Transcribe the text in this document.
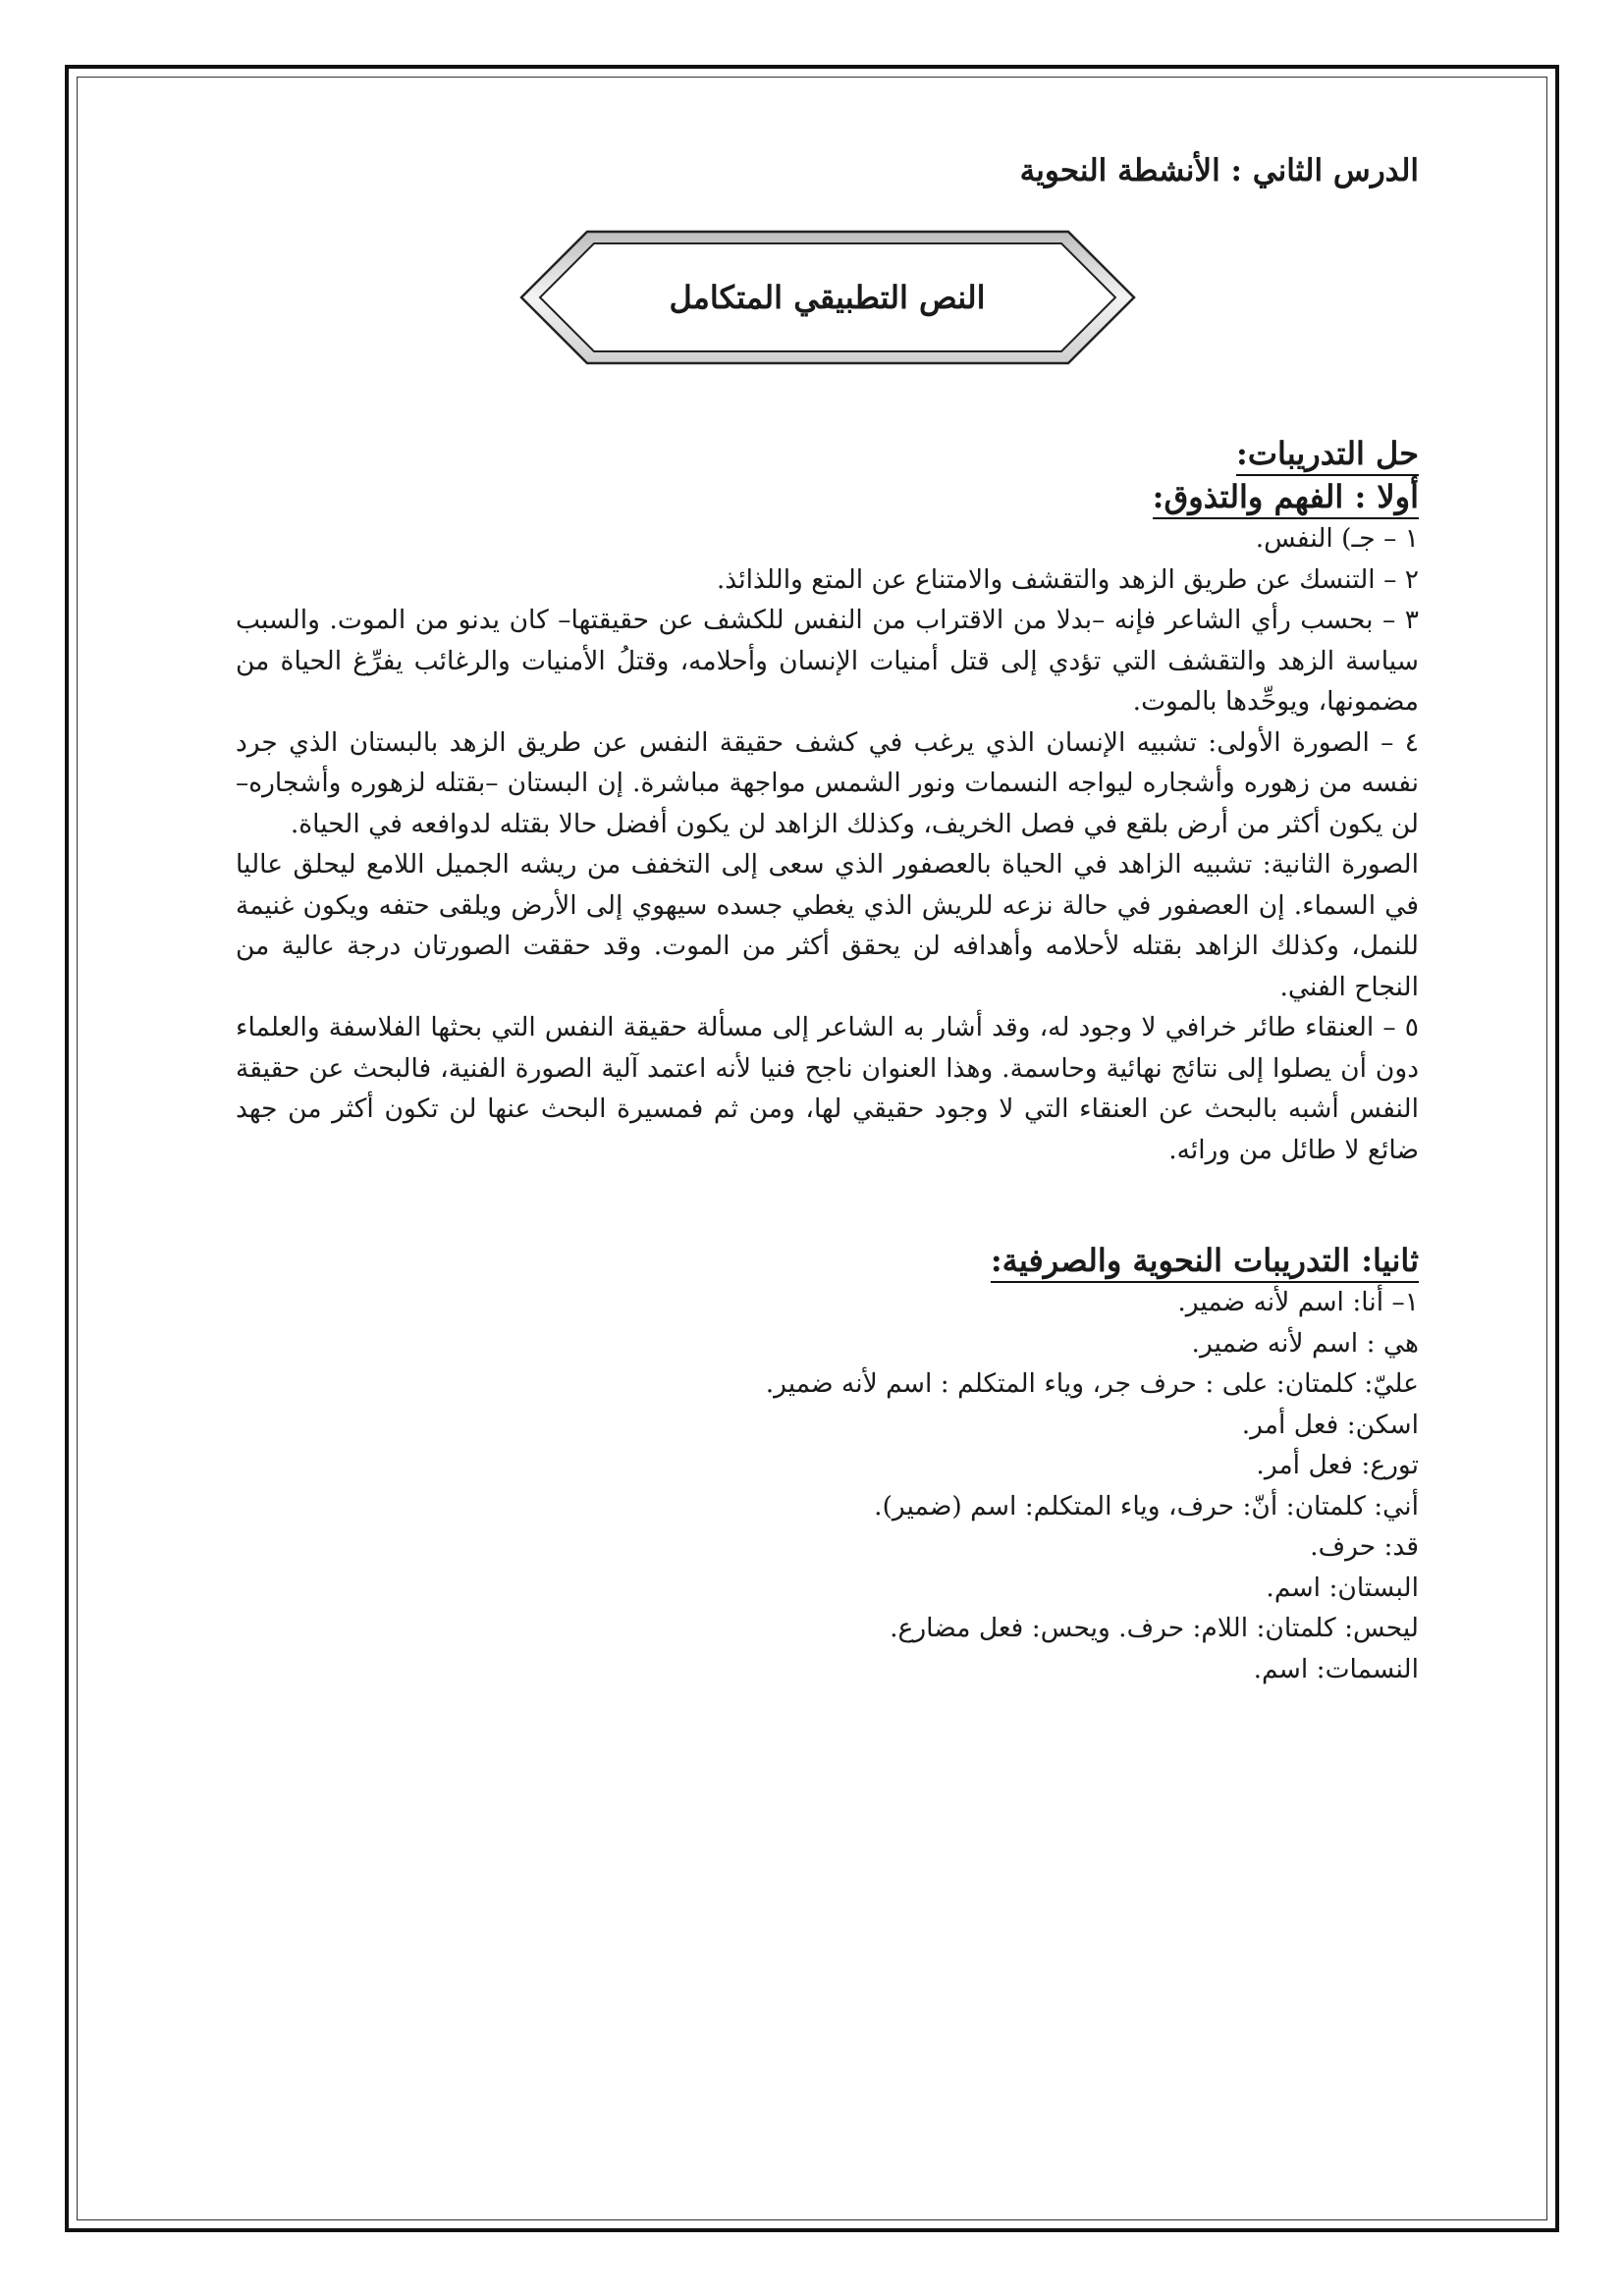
الدرس الثاني : الأنشطة النحوية
النص التطبيقي المتكامل
حل التدريبات:
أولا : الفهم والتذوق:

١ – جـ) النفس.

٢ – التنسك عن طريق الزهد والتقشف والامتناع عن المتع واللذائذ.

٣ – بحسب رأي الشاعر فإنه –بدلا من الاقتراب من النفس للكشف عن حقيقتها– كان يدنو من الموت. والسبب سياسة الزهد والتقشف التي تؤدي إلى قتل أمنيات الإنسان وأحلامه، وقتلُ الأمنيات والرغائب يفرِّغ الحياة من مضمونها، ويوحِّدها بالموت.

٤ – الصورة الأولى: تشبيه الإنسان الذي يرغب في كشف حقيقة النفس عن طريق الزهد بالبستان الذي جرد نفسه من زهوره وأشجاره ليواجه النسمات ونور الشمس مواجهة مباشرة. إن البستان –بقتله لزهوره وأشجاره– لن يكون أكثر من أرض بلقع في فصل الخريف، وكذلك الزاهد لن يكون أفضل حالا بقتله لدوافعه في الحياة.

الصورة الثانية: تشبيه الزاهد في الحياة بالعصفور الذي سعى إلى التخفف من ريشه الجميل اللامع ليحلق عاليا في السماء. إن العصفور في حالة نزعه للريش الذي يغطي جسده سيهوي إلى الأرض ويلقى حتفه ويكون غنيمة للنمل، وكذلك الزاهد بقتله لأحلامه وأهدافه لن يحقق أكثر من الموت. وقد حققت الصورتان درجة عالية من النجاح الفني.

٥ – العنقاء طائر خرافي لا وجود له، وقد أشار به الشاعر إلى مسألة حقيقة النفس التي بحثها الفلاسفة والعلماء دون أن يصلوا إلى نتائج نهائية وحاسمة. وهذا العنوان ناجح فنيا لأنه اعتمد آلية الصورة الفنية، فالبحث عن حقيقة النفس أشبه بالبحث عن العنقاء التي لا وجود حقيقي لها، ومن ثم فمسيرة البحث عنها لن تكون أكثر من جهد ضائع لا طائل من ورائه.

ثانيا: التدريبات النحوية والصرفية:

١– أنا: اسم لأنه ضمير.

هي : اسم لأنه ضمير.

عليّ: كلمتان: على : حرف جر، وياء المتكلم : اسم لأنه ضمير.

اسكن: فعل أمر.

تورع: فعل أمر.

أني: كلمتان: أنّ: حرف، وياء المتكلم: اسم (ضمير).

قد: حرف.

البستان: اسم.

ليحس: كلمتان: اللام: حرف. ويحس: فعل مضارع.

النسمات: اسم.
